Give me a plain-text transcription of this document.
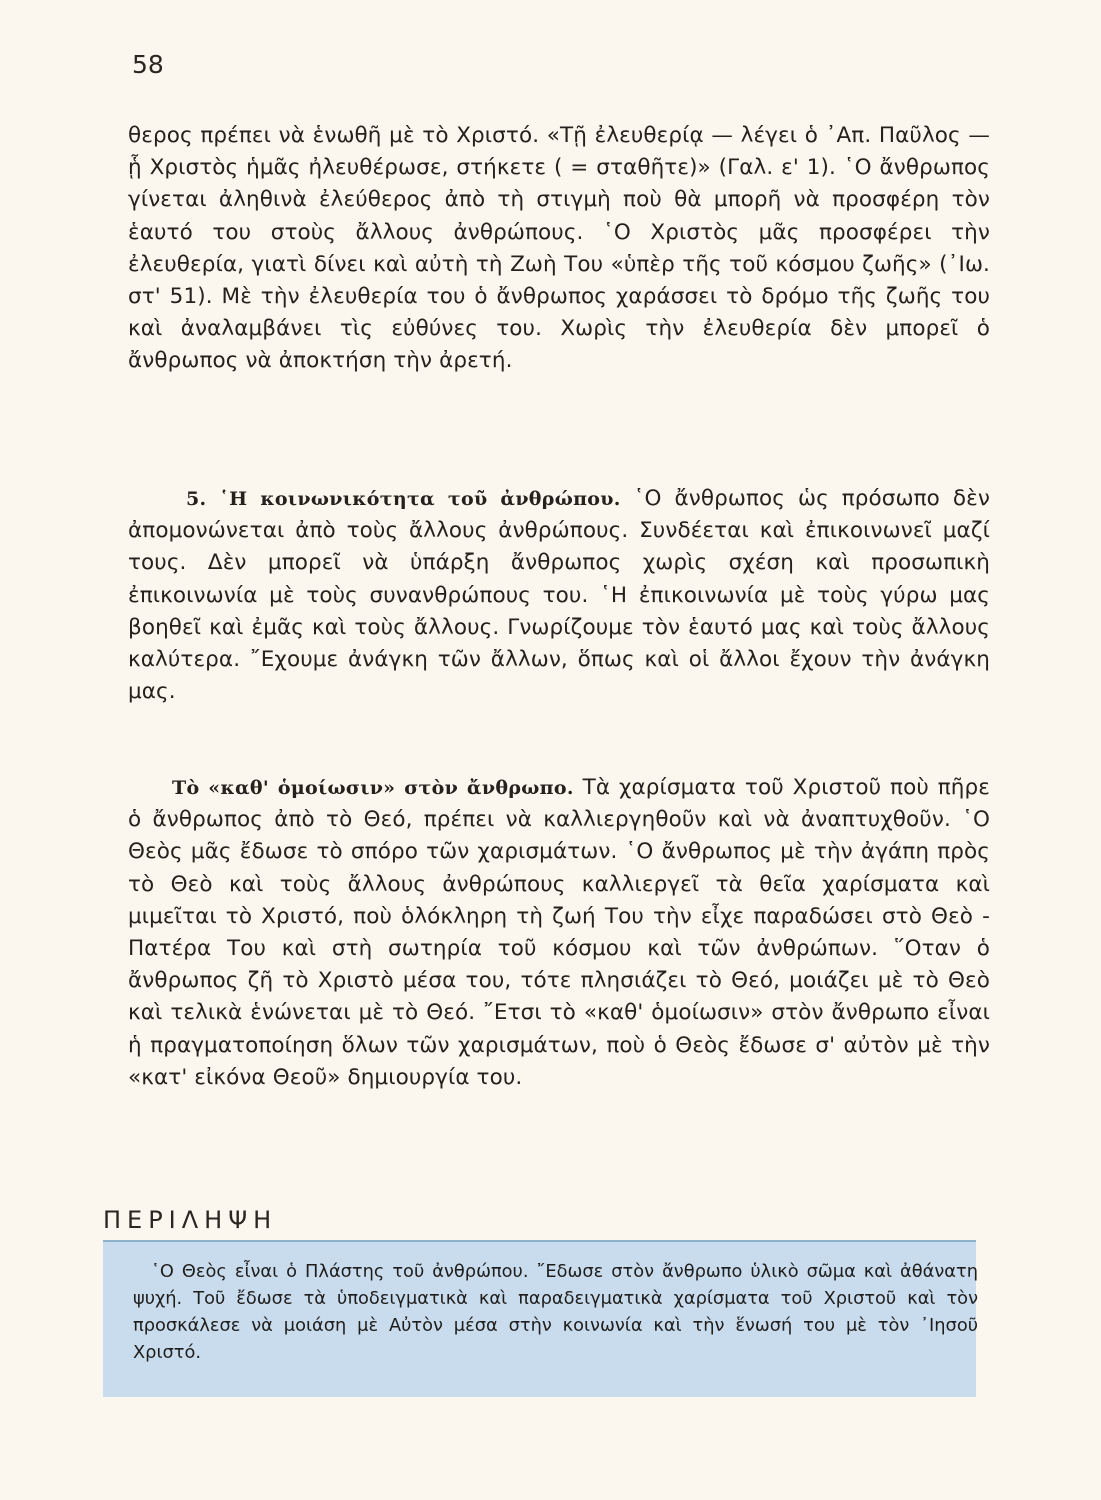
58

θερος πρέπει νὰ ἑνωθῆ μὲ τὸ Χριστό. «Τῇ ἐλευθερίᾳ — λέγει ὁ ᾿Απ. Παῦλος — ᾗ Χριστὸς ἡμᾶς ἠλευθέρωσε, στήκετε ( = σταθῆτε)» (Γαλ. ε' 1). ῾Ο ἄνθρωπος γίνεται ἀληθινὰ ἐλεύθερος ἀπὸ τὴ στιγμὴ ποὺ θὰ μπορῆ νὰ προσφέρη τὸν ἑαυτό του στοὺς ἄλλους ἀνθρώπους. ῾Ο Χριστὸς μᾶς προσφέρει τὴν ἐλευθερία, γιατὶ δίνει καὶ αὐτὴ τὴ Ζωὴ Του «ὑπὲρ τῆς τοῦ κόσμου ζωῆς» (᾿Ιω. στ' 51). Μὲ τὴν ἐλευθερία του ὁ ἄνθρωπος χαράσσει τὸ δρόμο τῆς ζωῆς του καὶ ἀναλαμβάνει τὶς εὐθύνες του. Χωρὶς τὴν ἐλευθερία δὲν μπορεῖ ὁ ἄνθρωπος νὰ ἀποκτήση τὴν ἀρετή.

5. ῾Η κοινωνικότητα τοῦ ἀνθρώπου. ῾Ο ἄνθρωπος ὡς πρόσωπο δὲν ἀπομονώνεται ἀπὸ τοὺς ἄλλους ἀνθρώπους. Συνδέεται καὶ ἐπικοινωνεῖ μαζί τους. Δὲν μπορεῖ νὰ ὑπάρξη ἄνθρωπος χωρὶς σχέση καὶ προσωπικὴ ἐπικοινωνία μὲ τοὺς συνανθρώπους του. ῾Η ἐπικοινωνία μὲ τοὺς γύρω μας βοηθεῖ καὶ ἐμᾶς καὶ τοὺς ἄλλους. Γνωρίζουμε τὸν ἑαυτό μας καὶ τοὺς ἄλλους καλύτερα. ῎Εχουμε ἀνάγκη τῶν ἄλλων, ὅπως καὶ οἱ ἄλλοι ἔχουν τὴν ἀνάγκη μας.

Τὸ «καθ' ὁμοίωσιν» στὸν ἄνθρωπο. Τὰ χαρίσματα τοῦ Χριστοῦ ποὺ πῆρε ὁ ἄνθρωπος ἀπὸ τὸ Θεό, πρέπει νὰ καλλιεργηθοῦν καὶ νὰ ἀναπτυχθοῦν. ῾Ο Θεὸς μᾶς ἔδωσε τὸ σπόρο τῶν χαρισμάτων. ῾Ο ἄνθρωπος μὲ τὴν ἀγάπη πρὸς τὸ Θεὸ καὶ τοὺς ἄλλους ἀνθρώπους καλλιεργεῖ τὰ θεῖα χαρίσματα καὶ μιμεῖται τὸ Χριστό, ποὺ ὁλόκληρη τὴ ζωή Του τὴν εἶχε παραδώσει στὸ Θεὸ - Πατέρα Του καὶ στὴ σωτηρία τοῦ κόσμου καὶ τῶν ἀνθρώπων. ῞Οταν ὁ ἄνθρωπος ζῆ τὸ Χριστὸ μέσα του, τότε πλησιάζει τὸ Θεό, μοιάζει μὲ τὸ Θεὸ καὶ τελικὰ ἑνώνεται μὲ τὸ Θεό. ῎Ετσι τὸ «καθ' ὁμοίωσιν» στὸν ἄνθρωπο εἶναι ἡ πραγματοποίηση ὅλων τῶν χαρισμάτων, ποὺ ὁ Θεὸς ἔδωσε σ' αὐτὸν μὲ τὴν «κατ' εἰκόνα Θεοῦ» δημιουργία του.

ΠΕΡΙΛΗΨΗ

῾Ο Θεὸς εἶναι ὁ Πλάστης τοῦ ἀνθρώπου. ῎Εδωσε στὸν ἄνθρωπο ὑλικὸ σῶμα καὶ ἀθάνατη ψυχή. Τοῦ ἔδωσε τὰ ὑποδειγματικὰ καὶ παραδειγματικὰ χαρίσματα τοῦ Χριστοῦ καὶ τὸν προσκάλεσε νὰ μοιάση μὲ Αὐτὸν μέσα στὴν κοινωνία καὶ τὴν ἕνωσή του μὲ τὸν ᾿Ιησοῦ Χριστό.
